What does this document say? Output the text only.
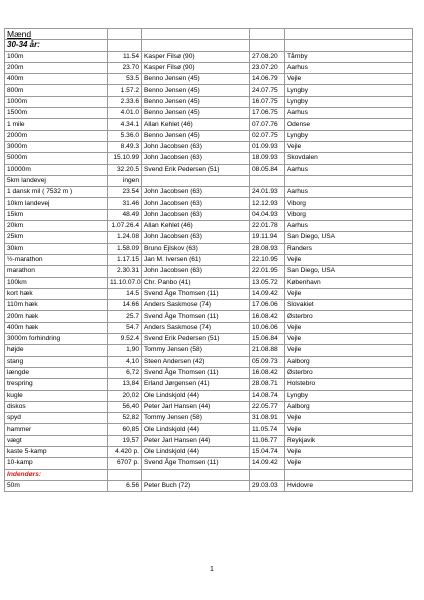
Mænd				
30-34 år:				
100m	11.54	Kasper Filsø (90)	27.08.20	Tårnby
200m	23.70	Kasper Filsø (90)	23.07.20	Aarhus
400m	53.5	Benno Jensen (45)	14.06.79	Vejle
800m	1.57.2	Benno Jensen (45)	24.07.75	Lyngby
1000m	2.33.6	Benno Jensen (45)	16.07.75	Lyngby
1500m	4.01.0	Benno Jensen (45)	17.06.75	Aarhus
1 mile	4.34.1	Allan Kehlet (46)	07.07.76	Odense
2000m	5.36.0	Benno Jensen (45)	02.07.75	Lyngby
3000m	8.49.3	John Jacobsen (63)	01.09.93	Vejle
5000m	15.10.99	John Jacobsen (63)	18.09.93	Skovdalen
10000m	32.20.5	Svend Erik Pedersen (51)	08.05.84	Aarhus
5km landevej	ingen			
1 dansk mil ( 7532 m )	23.54	John Jacobsen (63)	24.01.93	Aarhus
10km landevej	31.46	John Jacobsen (63)	12.12.93	Viborg
15km	48.49	John Jacobsen (63)	04.04.93	Viborg
20km	1.07.26.4	Allan Kehlet (46)	22.01.78	Aarhus
25km	1.24.08	John Jacobsen (63)	19.11.94	San Diego, USA
30km	1.58.09	Bruno Ejlskov (63)	28.08.93	Randers
½-marathon	1.17.15	Jan M. Iversen (61)	22.10.95	Vejle
marathon	2.30.31	John Jacobsen (63)	22.01.95	San Diego, USA
100km	11.10.07.0	Chr. Panbo (41)	13.05.72	København
kort hæk	14.5	Svend Åge Thomsen (11)	14.09.42	Vejle
110m hæk	14.66	Anders Saskmose (74)	17.06.06	Slovakiet
200m hæk	25.7	Svend Åge Thomsen (11)	16.08.42	Østerbro
400m hæk	54.7	Anders Saskmose (74)	10.06.06	Vejle
3000m forhindring	9.52.4	Svend Erik Pedersen (51)	15.06.84	Vejle
højde	1,90	Tommy Jensen (58)	21.08.88	Vejle
stang	4,10	Steen Andersen (42)	05.09.73	Aalborg
længde	6,72	Svend Åge Thomsen (11)	16.08.42	Østerbro
trespring	13,84	Erland Jørgensen (41)	28.08.71	Holstebro
kugle	20,02	Ole Lindskjold (44)	14.08.74	Lyngby
diskos	56,40	Peter Jarl Hansen (44)	22.05.77	Aalborg
spyd	52,82	Tommy Jensen (58)	31.08.91	Vejle
hammer	60,85	Ole Lindskjold (44)	11.05.74	Vejle
vægt	19,57	Peter Jarl Hansen (44)	11.06.77	Reykjavik
kaste 5-kamp	4.420 p.	Ole Lindskjold (44)	15.04.74	Vejle
10-kamp	6707 p.	Svend Åge Thomsen (11)	14.09.42	Vejle
Indendørs:				
50m	6.56	Peter Buch (72)	29.03.03	Hvidovre
1
